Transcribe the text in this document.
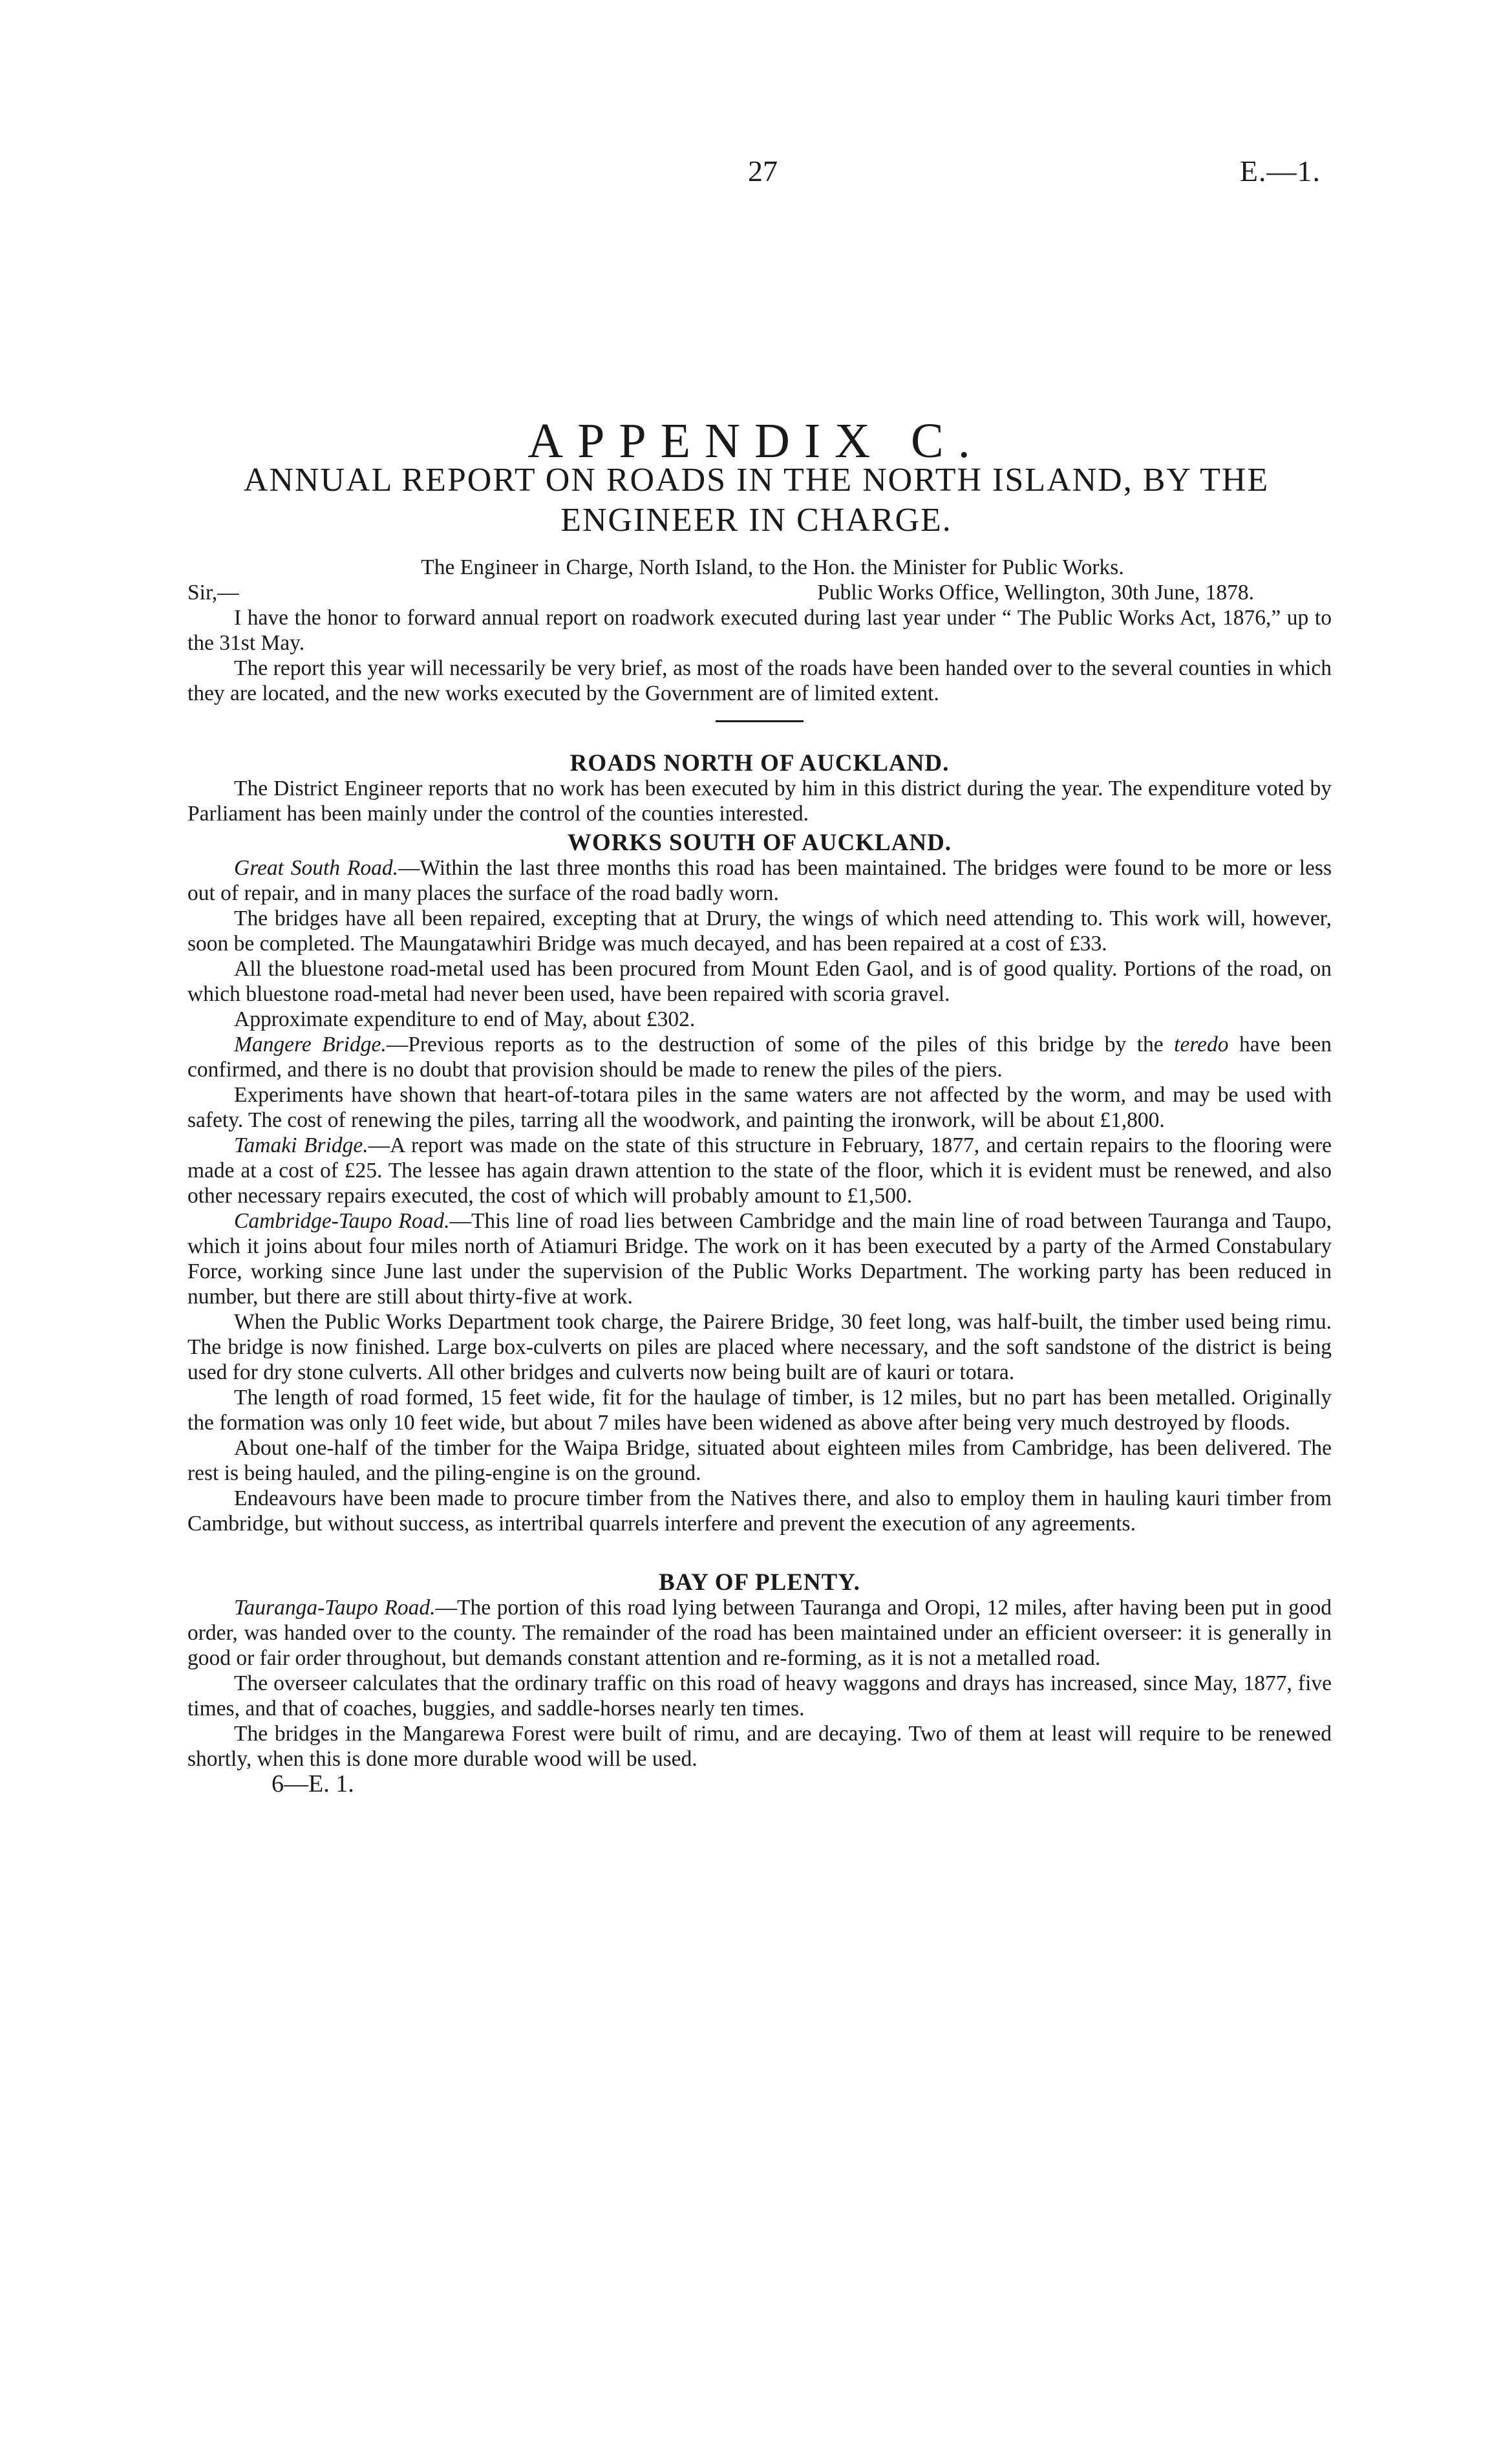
27	E.—1.
APPENDIX C.
ANNUAL REPORT ON ROADS IN THE NORTH ISLAND, BY THE ENGINEER IN CHARGE.

The Engineer in Charge, North Island, to the Hon. the Minister for Public Works.

Sir,—	Public Works Office, Wellington, 30th June, 1878.

I have the honor to forward annual report on roadwork executed during last year under “ The Public Works Act, 1876,” up to the 31st May.

The report this year will necessarily be very brief, as most of the roads have been handed over to the several counties in which they are located, and the new works executed by the Government are of limited extent.

ROADS NORTH OF AUCKLAND.

The District Engineer reports that no work has been executed by him in this district during the year. The expenditure voted by Parliament has been mainly under the control of the counties interested.

WORKS SOUTH OF AUCKLAND.

Great South Road.—Within the last three months this road has been maintained. The bridges were found to be more or less out of repair, and in many places the surface of the road badly worn.

The bridges have all been repaired, excepting that at Drury, the wings of which need attending to. This work will, however, soon be completed. The Maungatawhiri Bridge was much decayed, and has been repaired at a cost of £33.

All the bluestone road-metal used has been procured from Mount Eden Gaol, and is of good quality. Portions of the road, on which bluestone road-metal had never been used, have been repaired with scoria gravel.

Approximate expenditure to end of May, about £302.

Mangere Bridge.—Previous reports as to the destruction of some of the piles of this bridge by the teredo have been confirmed, and there is no doubt that provision should be made to renew the piles of the piers.

Experiments have shown that heart-of-totara piles in the same waters are not affected by the worm, and may be used with safety. The cost of renewing the piles, tarring all the woodwork, and painting the ironwork, will be about £1,800.

Tamaki Bridge.—A report was made on the state of this structure in February, 1877, and certain repairs to the flooring were made at a cost of £25. The lessee has again drawn attention to the state of the floor, which it is evident must be renewed, and also other necessary repairs executed, the cost of which will probably amount to £1,500.

Cambridge-Taupo Road.—This line of road lies between Cambridge and the main line of road between Tauranga and Taupo, which it joins about four miles north of Atiamuri Bridge. The work on it has been executed by a party of the Armed Constabulary Force, working since June last under the supervision of the Public Works Department. The working party has been reduced in number, but there are still about thirty-five at work.

When the Public Works Department took charge, the Pairere Bridge, 30 feet long, was half-built, the timber used being rimu. The bridge is now finished. Large box-culverts on piles are placed where necessary, and the soft sandstone of the district is being used for dry stone culverts. All other bridges and culverts now being built are of kauri or totara.

The length of road formed, 15 feet wide, fit for the haulage of timber, is 12 miles, but no part has been metalled. Originally the formation was only 10 feet wide, but about 7 miles have been widened as above after being very much destroyed by floods.

About one-half of the timber for the Waipa Bridge, situated about eighteen miles from Cambridge, has been delivered. The rest is being hauled, and the piling-engine is on the ground.

Endeavours have been made to procure timber from the Natives there, and also to employ them in hauling kauri timber from Cambridge, but without success, as intertribal quarrels interfere and prevent the execution of any agreements.

BAY OF PLENTY.

Tauranga-Taupo Road.—The portion of this road lying between Tauranga and Oropi, 12 miles, after having been put in good order, was handed over to the county. The remainder of the road has been maintained under an efficient overseer: it is generally in good or fair order throughout, but demands constant attention and re-forming, as it is not a metalled road.

The overseer calculates that the ordinary traffic on this road of heavy waggons and drays has increased, since May, 1877, five times, and that of coaches, buggies, and saddle-horses nearly ten times.

The bridges in the Mangarewa Forest were built of rimu, and are decaying. Two of them at least will require to be renewed shortly, when this is done more durable wood will be used.

6—E. 1.
